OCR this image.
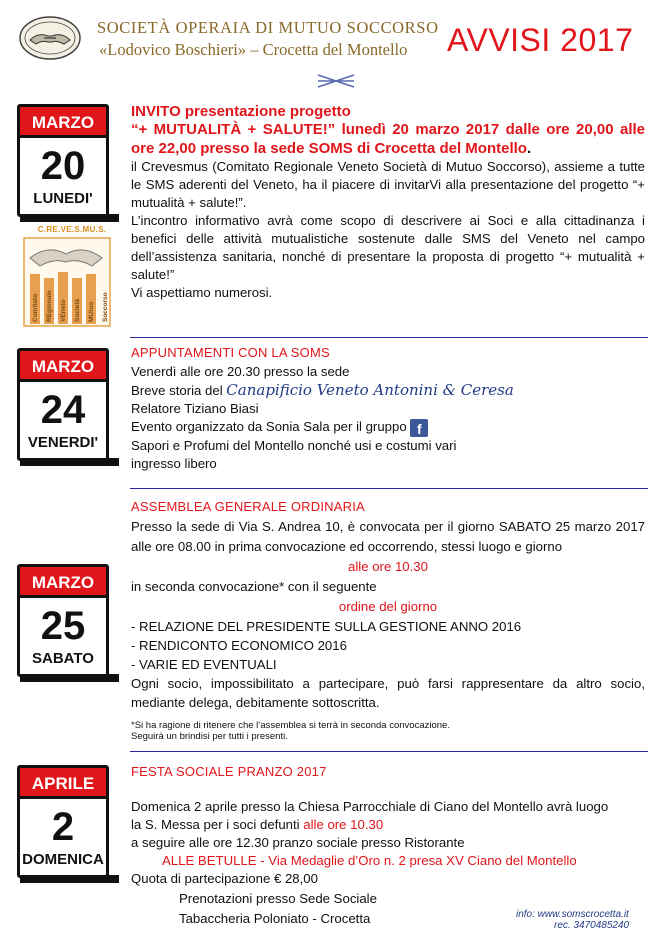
SOCIETÀ OPERAIA DI MUTUO SOCCORSO
«Lodovico Boschieri» – Crocetta del Montello AVVISI 2017
MARZO
20
LUNEDI'
C.RE.VE.S.MU.S.
Comitato REgionale VEneto Società MUtuo Soccorso
INVITO presentazione progetto
“+ MUTUALITÀ + SALUTE!” lunedì 20 marzo 2017 dalle ore 20,00 alle ore 22,00 presso la sede SOMS di Crocetta del Montello.
il Crevesmus (Comitato Regionale Veneto Società di Mutuo Soccorso), assieme a tutte le SMS aderenti del Veneto, ha il piacere di invitarVi alla presentazione del progetto “+ mutualità + salute!”.
L’incontro informativo avrà come scopo di descrivere ai Soci e alla cittadinanza i benefici delle attività mutualistiche sostenute dalle SMS del Veneto nel campo dell’assistenza sanitaria, nonché di presentare la proposta di progetto “+ mutualità + salute!”
Vi aspettiamo numerosi.
MARZO
24
VENERDI'
APPUNTAMENTI CON LA SOMS
Venerdì alle ore 20.30 presso la sede
Breve storia del Canapificio Veneto Antonini & Ceresa
Relatore Tiziano Biasi
Evento organizzato da Sonia Sala per il gruppo f
Sapori e Profumi del Montello nonché usi e costumi vari
ingresso libero
MARZO
25
SABATO
ASSEMBLEA GENERALE ORDINARIA
Presso la sede di Via S. Andrea 10, è convocata per il giorno SABATO 25 marzo 2017 alle ore 08.00 in prima convocazione ed occorrendo, stessi luogo e giorno
alle ore 10.30
in seconda convocazione* con il seguente
ordine del giorno
- RELAZIONE DEL PRESIDENTE SULLA GESTIONE ANNO 2016
- RENDICONTO ECONOMICO 2016
- VARIE ED EVENTUALI
Ogni socio, impossibilitato a partecipare, può farsi rappresentare da altro socio, mediante delega, debitamente sottoscritta.
*Si ha ragione di ritenere che l’assemblea si terrà in seconda convocazione.
Seguirà un brindisi per tutti i presenti.
APRILE
2
DOMENICA
FESTA SOCIALE PRANZO 2017
Domenica 2 aprile presso la Chiesa Parrocchiale di Ciano del Montello avrà luogo
la S. Messa per i soci defunti alle ore 10.30
a seguire alle ore 12.30 pranzo sociale presso Ristorante
ALLE BETULLE - Via Medaglie d’Oro n. 2 presa XV Ciano del Montello
Quota di partecipazione € 28,00
Prenotazioni presso Sede Sociale
Tabaccheria Poloniato - Crocetta	info: www.somscrocetta.it
rec. 3470485240
